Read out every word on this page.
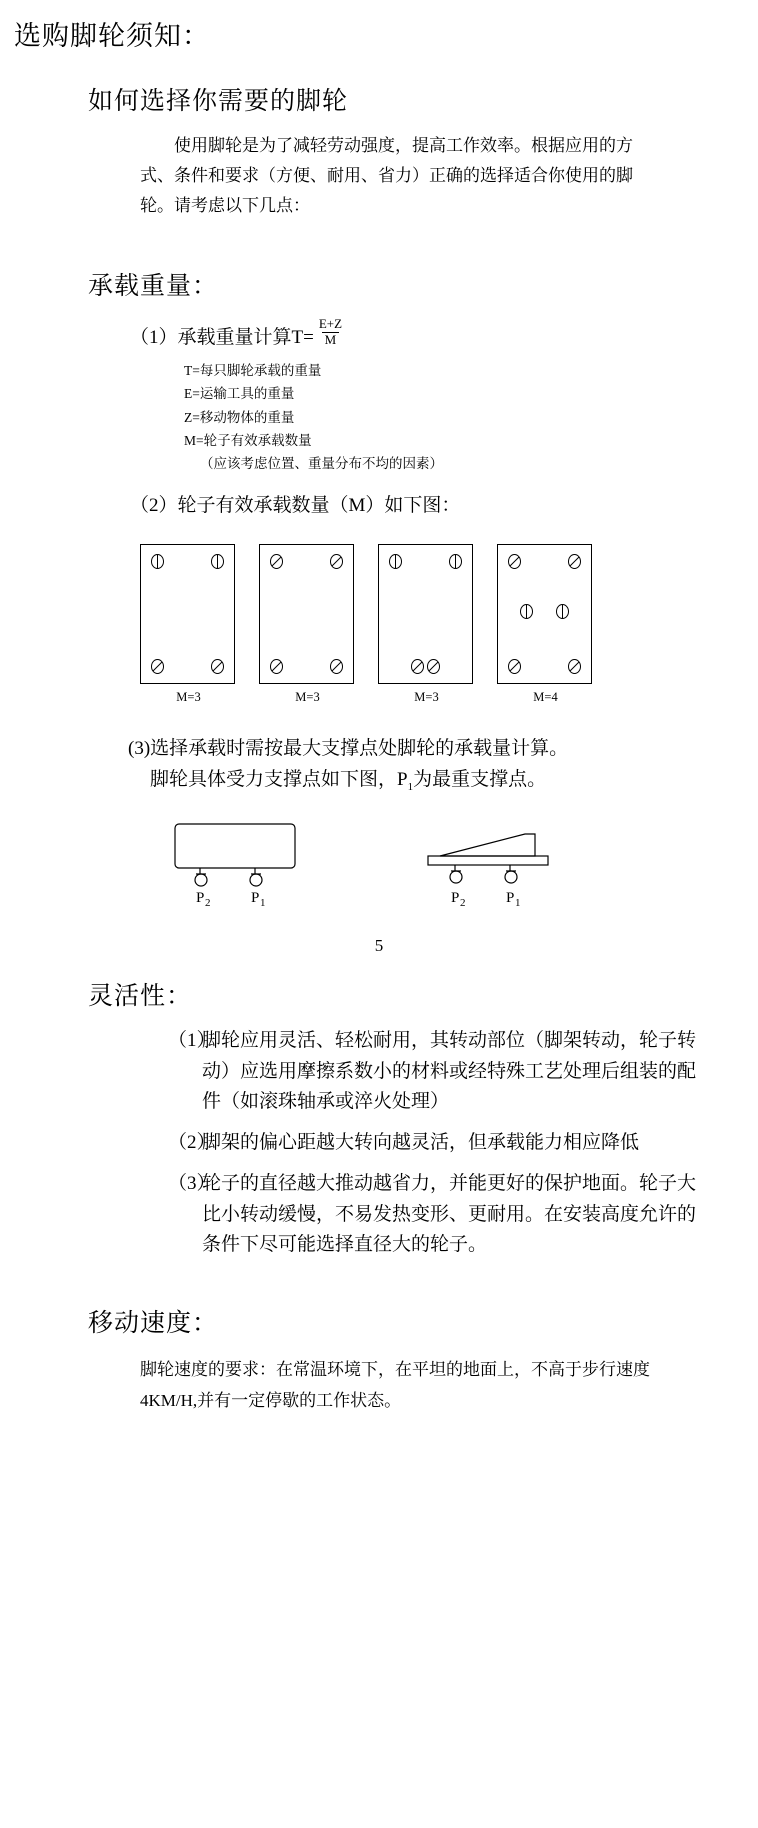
选购脚轮须知：
如何选择你需要的脚轮
使用脚轮是为了减轻劳动强度，提高工作效率。根据应用的方式、条件和要求（方便、耐用、省力）正确的选择适合你使用的脚轮。请考虑以下几点：
承载重量：
（1） 承载重量计算$T= \frac{E+Z}{M}$
T=每只脚轮承载的重量
E=运输工具的重量
Z=移动物体的重量
M=轮子有效承载数量
（应该考虑位置、重量分布不均的因素）
（2）轮子有效承载数量（M）如下图：
M=3	M=3	M=3	M=4
(3)选择承载时需按最大支撑点处脚轮的承载量计算。
脚轮具体受力支撑点如下图，$P_1$为最重支撑点。
P 2	P 1	P 2	P 1
5
灵活性：
（1）
脚轮应用灵活、轻松耐用，其转动部位（脚架转动，轮子转动）应选用摩擦系数小的材料或经特殊工艺处理后组装的配件（如滚珠轴承或淬火处理）
（2）
脚架的偏心距越大转向越灵活，但承载能力相应降低
（3）
轮子的直径越大推动越省力，并能更好的保护地面。轮子大比小转动缓慢，不易发热变形、更耐用。在安装高度允许的条件下尽可能选择直径大的轮子。
移动速度：
脚轮速度的要求：在常温环境下，在平坦的地面上，不高于步行速度4KM/H,并有一定停歇的工作状态。
